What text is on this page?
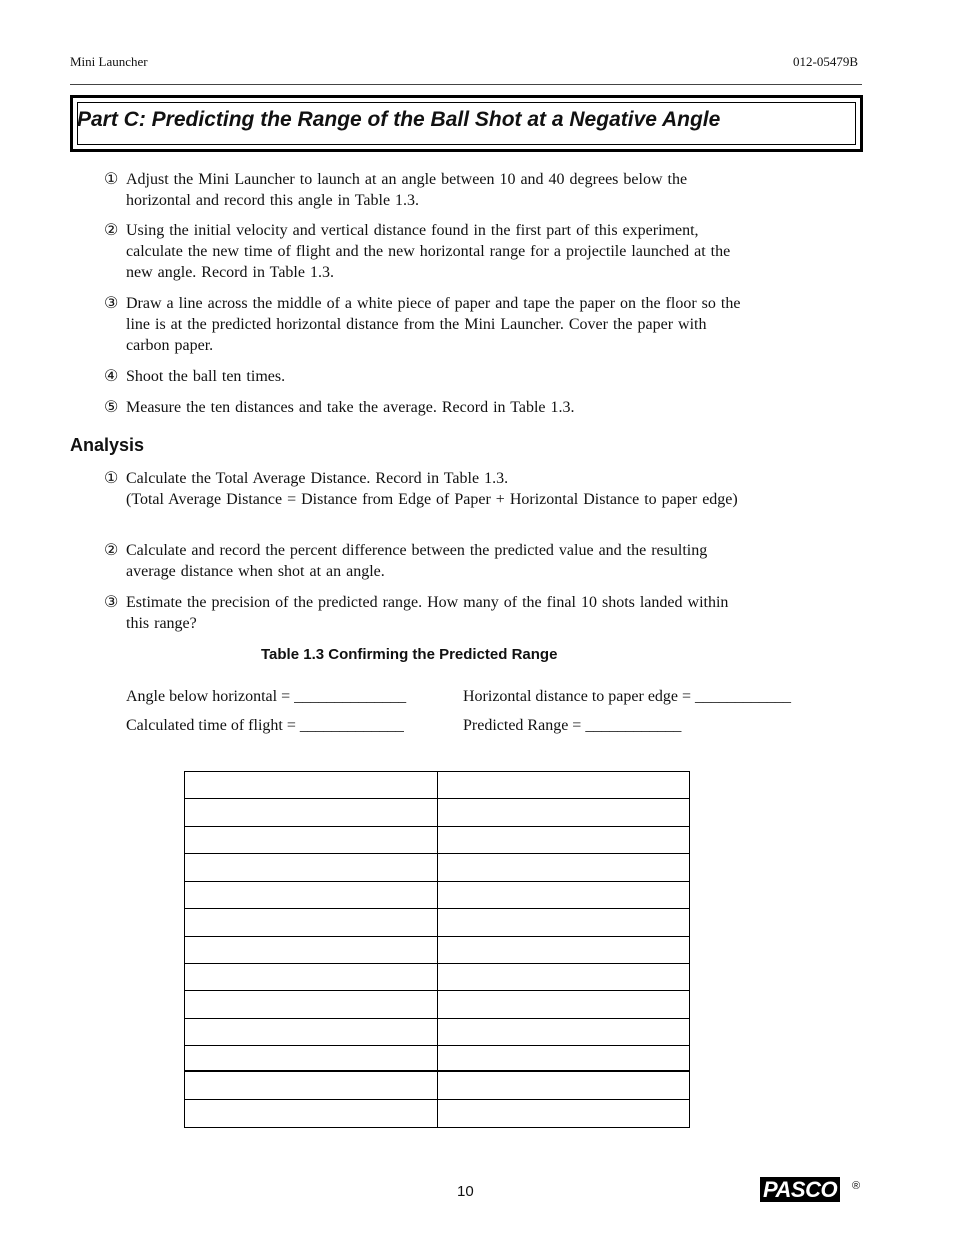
Mini Launcher	012-05479B
Part C: Predicting the Range of the Ball Shot at a Negative Angle
① Adjust the Mini Launcher to launch at an angle between 10 and 40 degrees below the horizontal and record this angle in Table 1.3.
② Using the initial velocity and vertical distance found in the first part of this experiment, calculate the new time of flight and the new horizontal range for a projectile launched at the new angle. Record in Table 1.3.
③ Draw a line across the middle of a white piece of paper and tape the paper on the floor so the line is at the predicted horizontal distance from the Mini Launcher. Cover the paper with carbon paper.
④ Shoot the ball ten times.
⑤ Measure the ten distances and take the average. Record in Table 1.3.
Analysis
① Calculate the Total Average Distance. Record in Table 1.3.
(Total Average Distance = Distance from Edge of Paper + Horizontal Distance to paper edge)
② Calculate and record the percent difference between the predicted value and the resulting average distance when shot at an angle.
③ Estimate the precision of the predicted range. How many of the final 10 shots landed within this range?
Table 1.3 Confirming the Predicted Range
Angle below horizontal = ______________	Horizontal distance to paper edge = ____________
Calculated time of flight = _____________	Predicted Range = ____________
10	PASCO ®
